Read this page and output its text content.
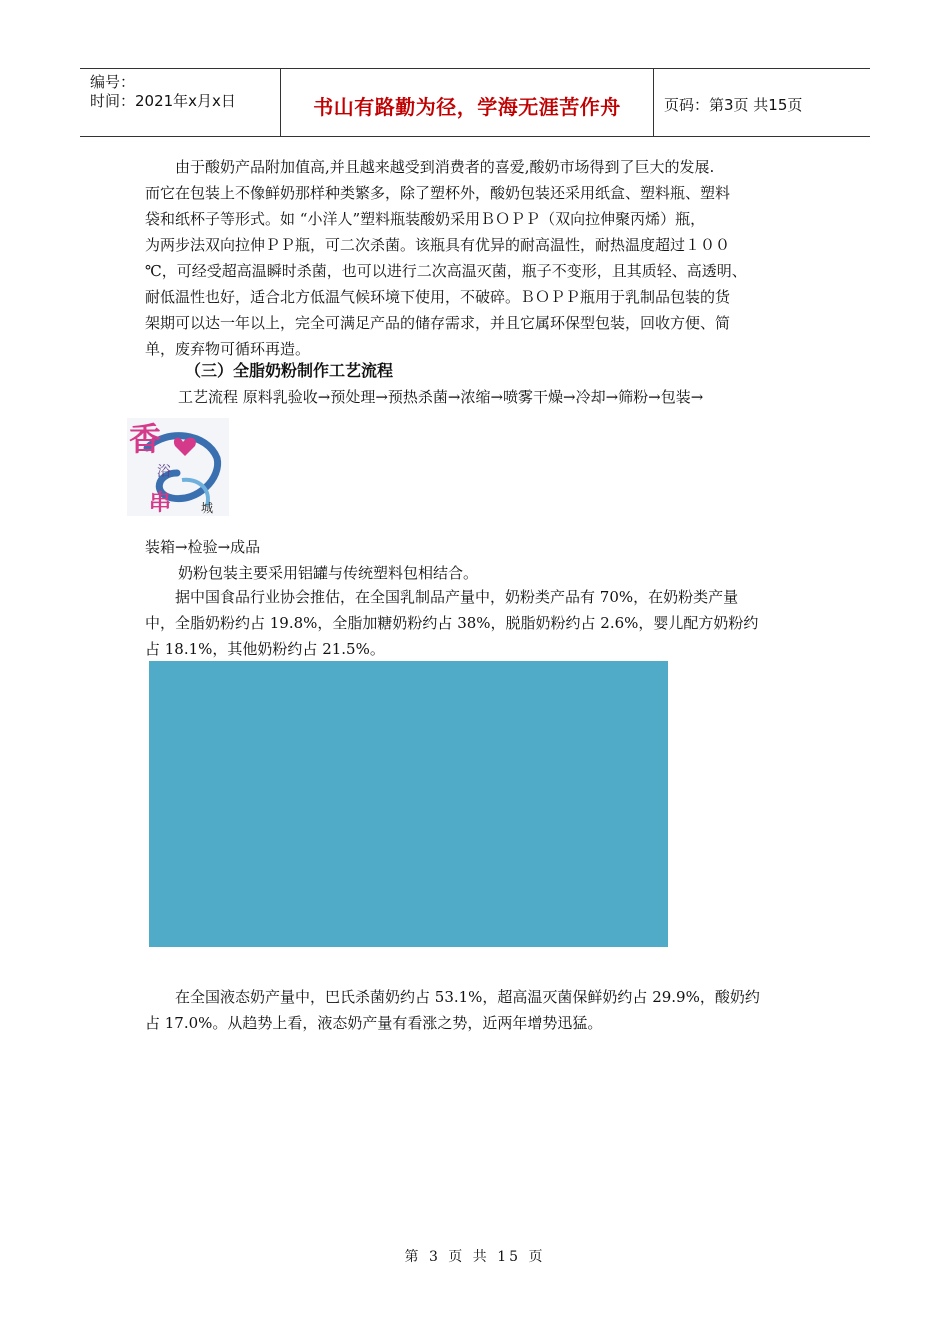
编号：
时间：2021年x月x日	书山有路勤为径，学海无涯苦作舟	页码：第3页 共15页

由于酸奶产品附加值高,并且越来越受到消费者的喜爱,酸奶市场得到了巨大的发展.

而它在包装上不像鲜奶那样种类繁多，除了塑杯外，酸奶包装还采用纸盒、塑料瓶、塑料

袋和纸杯子等形式。如 “小洋人”塑料瓶装酸奶采用ＢＯＰＰ（双向拉伸聚丙烯）瓶，

为两步法双向拉伸ＰＰ瓶，可二次杀菌。该瓶具有优异的耐高温性，耐热温度超过１００

℃，可经受超高温瞬时杀菌，也可以进行二次高温灭菌，瓶子不变形，且其质轻、高透明、

耐低温性也好，适合北方低温气候环境下使用，不破碎。ＢＯＰＰ瓶用于乳制品包装的货

架期可以达一年以上，完全可满足产品的储存需求，并且它属环保型包装，回收方便、简

单，废弃物可循环再造。

（三）全脂奶粉制作工艺流程
工艺流程 原料乳验收→预处理→预热杀菌→浓缩→喷雾干燥→冷却→筛粉→包装→
香
浴
串 城
装箱→检验→成品
奶粉包装主要采用铝罐与传统塑料包相结合。

据中国食品行业协会推估，在全国乳制品产量中，奶粉类产品有 70%，在奶粉类产量

中，全脂奶粉约占 19.8%，全脂加糖奶粉约占 38%，脱脂奶粉约占 2.6%，婴儿配方奶粉约

占 18.1%，其他奶粉约占 21.5%。

在全国液态奶产量中，巴氏杀菌奶约占 53.1%，超高温灭菌保鲜奶约占 29.9%，酸奶约

占 17.0%。从趋势上看，液态奶产量有看涨之势，近两年增势迅猛。

第 3 页 共 15 页
